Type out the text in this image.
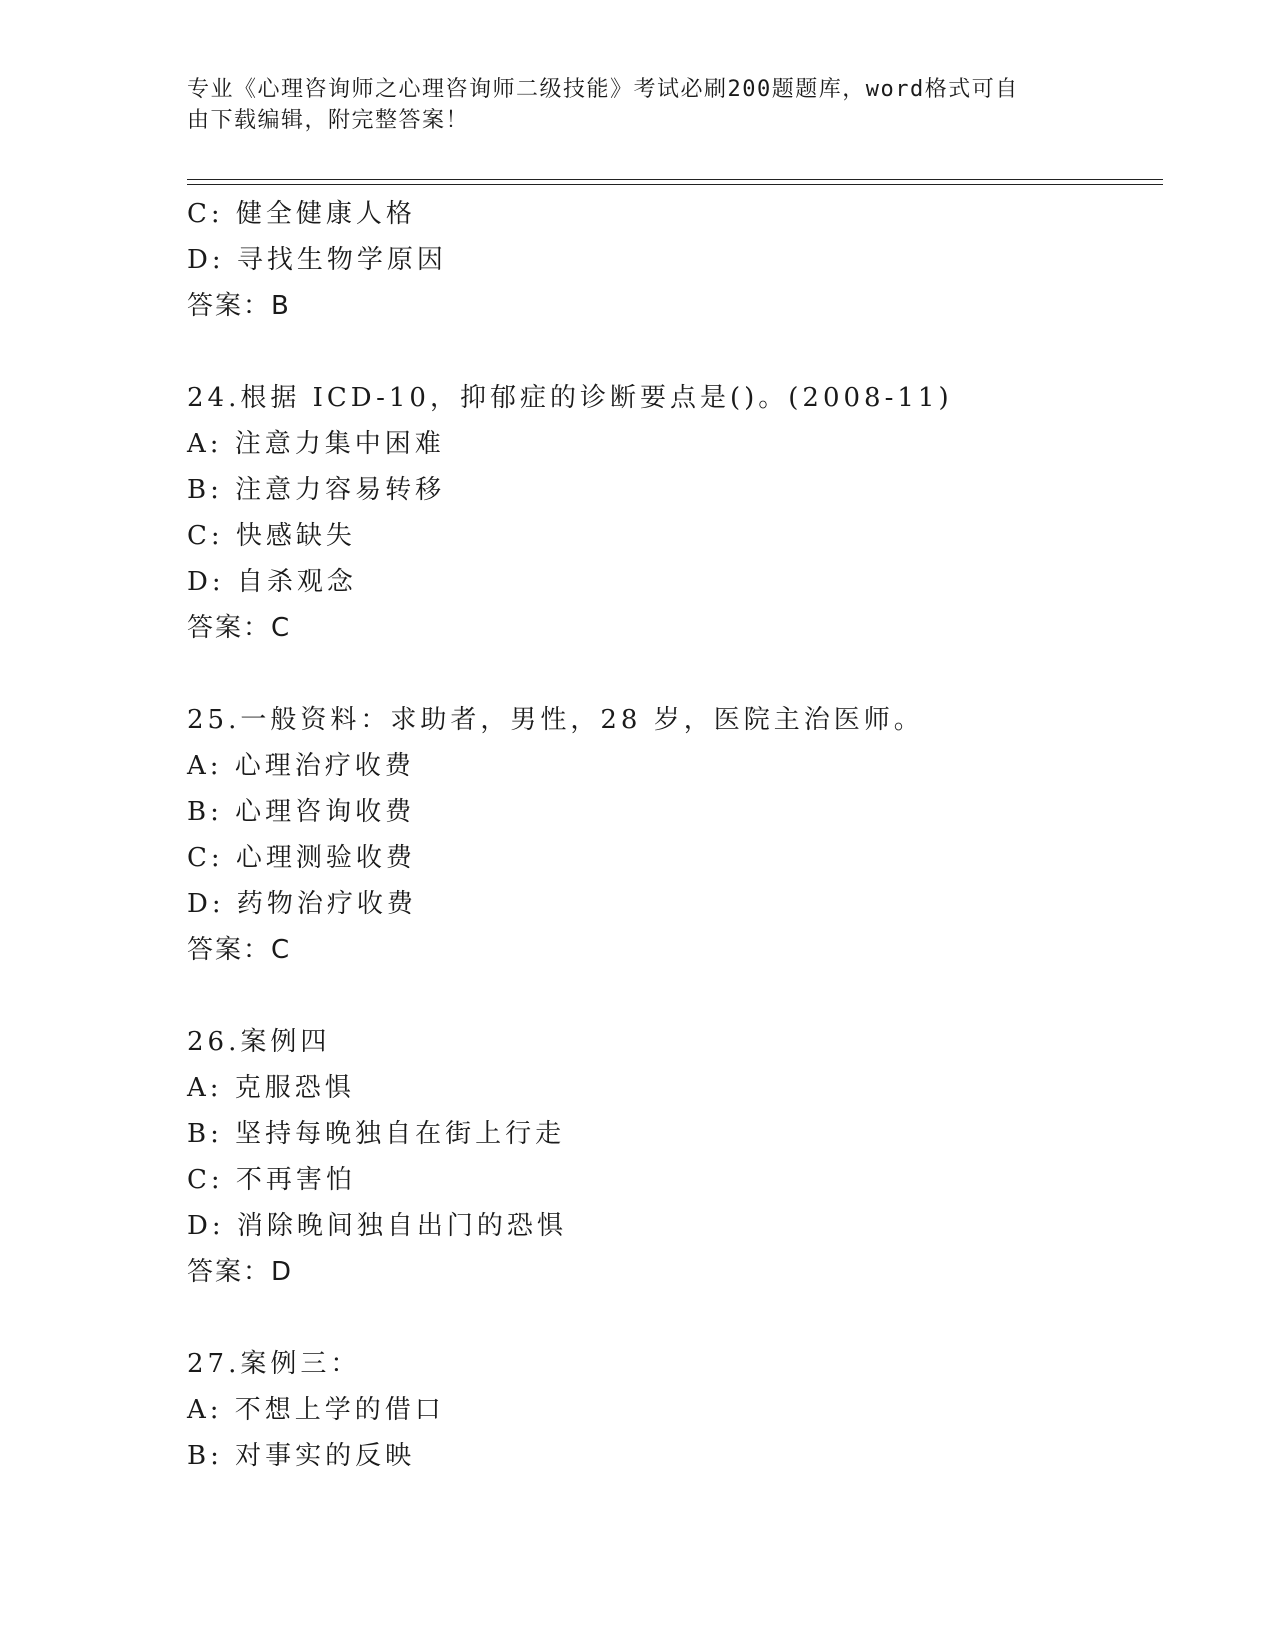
专业《心理咨询师之心理咨询师二级技能》考试必刷200题题库，word格式可自
由下载编辑，附完整答案！
C: 健全健康人格
D: 寻找生物学原因
答案：B
24.根据 ICD-10，抑郁症的诊断要点是()。(2008-11)
A: 注意力集中困难
B: 注意力容易转移
C: 快感缺失
D: 自杀观念
答案：C
25.一般资料：求助者，男性，28 岁，医院主治医师。
A: 心理治疗收费
B: 心理咨询收费
C: 心理测验收费
D: 药物治疗收费
答案：C
26.案例四
A: 克服恐惧
B: 坚持每晚独自在街上行走
C: 不再害怕
D: 消除晚间独自出门的恐惧
答案：D
27.案例三：
A: 不想上学的借口
B: 对事实的反映
